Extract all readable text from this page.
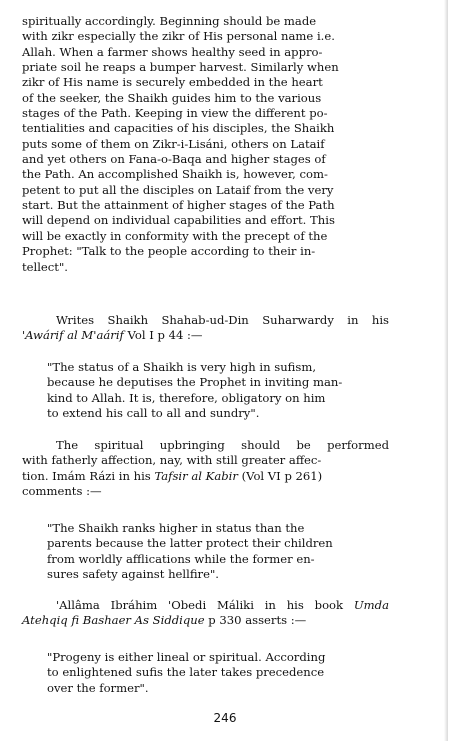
spiritually accordingly. Beginning should be made
with zikr especially the zikr of His personal name i.e.
Allah. When a farmer shows healthy seed in appro-
priate soil he reaps a bumper harvest. Similarly when
zikr of His name is securely embedded in the heart
of the seeker, the Shaikh guides him to the various
stages of the Path. Keeping in view the different po-
tentialities and capacities of his disciples, the Shaikh
puts some of them on Zikr-i-Lisáni, others on Lataif
and yet others on Fana-o-Baqa and higher stages of
the Path. An accomplished Shaikh is, however, com-
petent to put all the disciples on Lataif from the very
start. But the attainment of higher stages of the Path
will depend on individual capabilities and effort. This
will be exactly in conformity with the precept of the
Prophet: "Talk to the people according to their in-
tellect".
Writes Shaikh Shahab-ud-Din Suharwardy in his
'Awárif al M'aárif Vol I p 44 :—
"The status of a Shaikh is very high in sufism,
because he deputises the Prophet in inviting man-
kind to Allah. It is, therefore, obligatory on him
to extend his call to all and sundry".
The spiritual upbringing should be performed
with fatherly affection, nay, with still greater affec-
tion. Imám Rázi in his Tafsir al Kabir (Vol VI p 261)
comments :—
"The Shaikh ranks higher in status than the
parents because the latter protect their children
from worldly afflications while the former en-
sures safety against hellfire".
'Allâma Ibráhim 'Obedi Máliki in his book Umda
Atehqiq fi Bashaer As Siddique p 330 asserts :—
"Progeny is either lineal or spiritual. According
to enlightened sufis the later takes precedence
over the former".
246
